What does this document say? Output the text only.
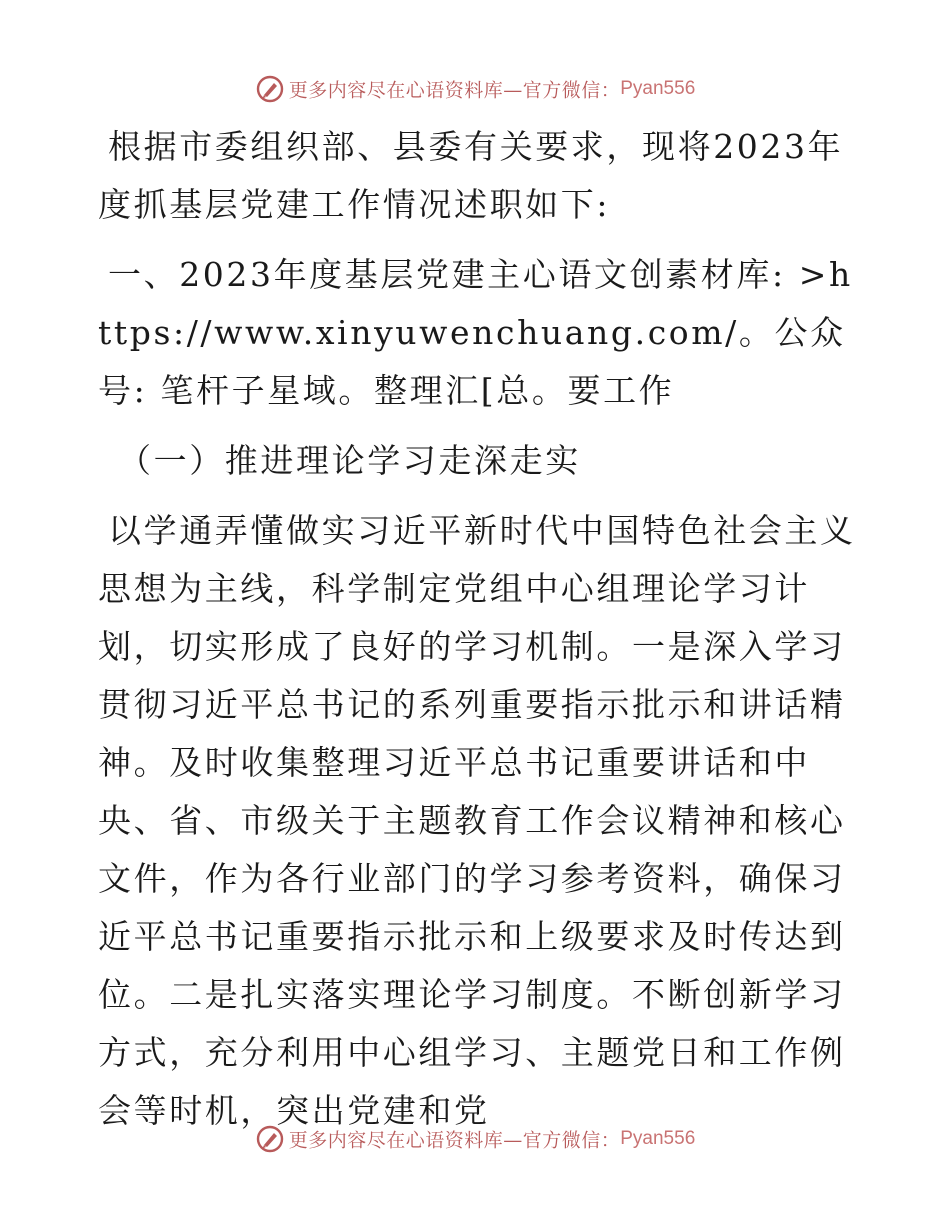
更多内容尽在心语资料库—官方微信：Pyan556

根据市委组织部、县委有关要求，现将2023年度抓基层党建工作情况述职如下:

一、2023年度基层党建主心语文创素材库: >https://www.xinyuwenchuang.com/。公众号: 笔杆子星域。整理汇[总。要工作

（一）推进理论学习走深走实

以学通弄懂做实习近平新时代中国特色社会主义思想为主线，科学制定党组中心组理论学习计划，切实形成了良好的学习机制。一是深入学习贯彻习近平总书记的系列重要指示批示和讲话精神。及时收集整理习近平总书记重要讲话和中央、省、市级关于主题教育工作会议精神和核心文件，作为各行业部门的学习参考资料，确保习近平总书记重要指示批示和上级要求及时传达到位。二是扎实落实理论学习制度。不断创新学习方式，充分利用中心组学习、主题党日和工作例会等时机，突出党建和党

更多内容尽在心语资料库—官方微信：Pyan556
